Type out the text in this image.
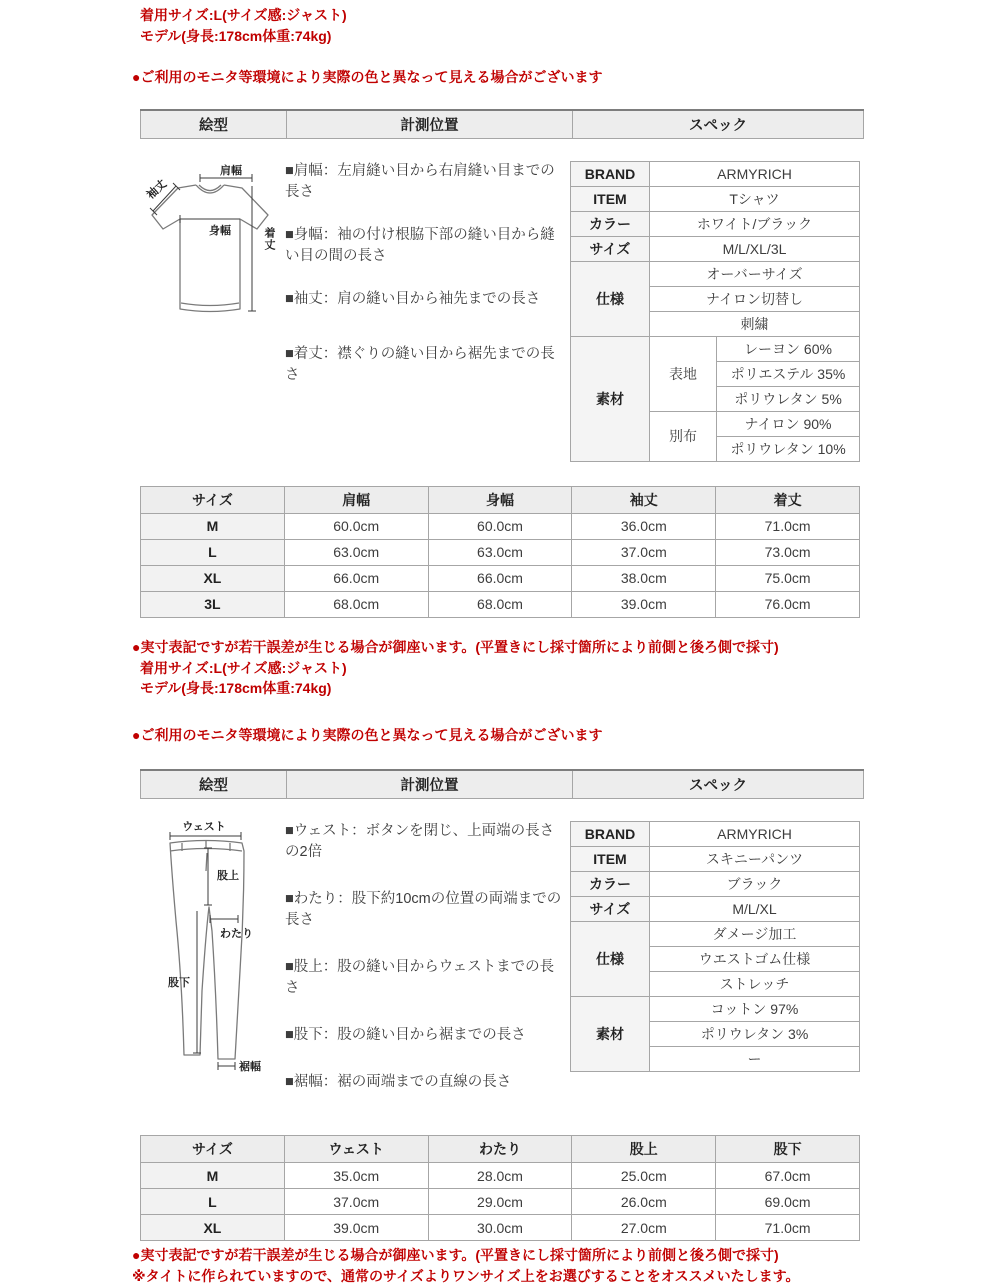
着用サイズ:L(サイズ感:ジャスト)
モデル(身長:178cm体重:74kg)
●ご利用のモニタ等環境により実際の色と異なって見える場合がございます
絵型	計測位置	スペック
肩幅
袖丈
身幅	着丈

■肩幅：左肩縫い目から右肩縫い目までの長さ

■身幅：袖の付け根脇下部の縫い目から縫い目の間の長さ

■袖丈：肩の縫い目から袖先までの長さ

■着丈：襟ぐりの縫い目から裾先までの長さ

BRAND	ARMYRICH	
ITEM	Tシャツ	
カラー	ホワイト/ブラック	
サイズ	M/L/XL/3L	
仕様	オーバーサイズ	
	ナイロン切替し	
	刺繍	
素材	表地	レーヨン 60%
		ポリエステル 35%
		ポリウレタン 5%
	別布	ナイロン 90%
		ポリウレタン 10%
サイズ	肩幅	身幅	袖丈	着丈
M	60.0cm	60.0cm	36.0cm	71.0cm
L	63.0cm	63.0cm	37.0cm	73.0cm
XL	66.0cm	66.0cm	38.0cm	75.0cm
3L	68.0cm	68.0cm	39.0cm	76.0cm
●実寸表記ですが若干誤差が生じる場合が御座います。(平置きにし採寸箇所により前側と後ろ側で採寸)
着用サイズ:L(サイズ感:ジャスト)
モデル(身長:178cm体重:74kg)
●ご利用のモニタ等環境により実際の色と異なって見える場合がございます
絵型	計測位置	スペック
ウェスト
股上
わたり
股下
裾幅

■ウェスト：ボタンを閉じ、上両端の長さの2倍

■わたり：股下約10cmの位置の両端までの長さ

■股上：股の縫い目からウェストまでの長さ

■股下：股の縫い目から裾までの長さ

■裾幅：裾の両端までの直線の長さ

BRAND	ARMYRICH
ITEM	スキニーパンツ
カラー	ブラック
サイズ	M/L/XL
仕様	ダメージ加工
	ウエストゴム仕様
	ストレッチ
素材	コットン 97%
	ポリウレタン 3%
	ー
サイズ	ウェスト	わたり	股上	股下
M	35.0cm	28.0cm	25.0cm	67.0cm
L	37.0cm	29.0cm	26.0cm	69.0cm
XL	39.0cm	30.0cm	27.0cm	71.0cm
●実寸表記ですが若干誤差が生じる場合が御座います。(平置きにし採寸箇所により前側と後ろ側で採寸)
※タイトに作られていますので、通常のサイズよりワンサイズ上をお選びすることをオススメいたします。
